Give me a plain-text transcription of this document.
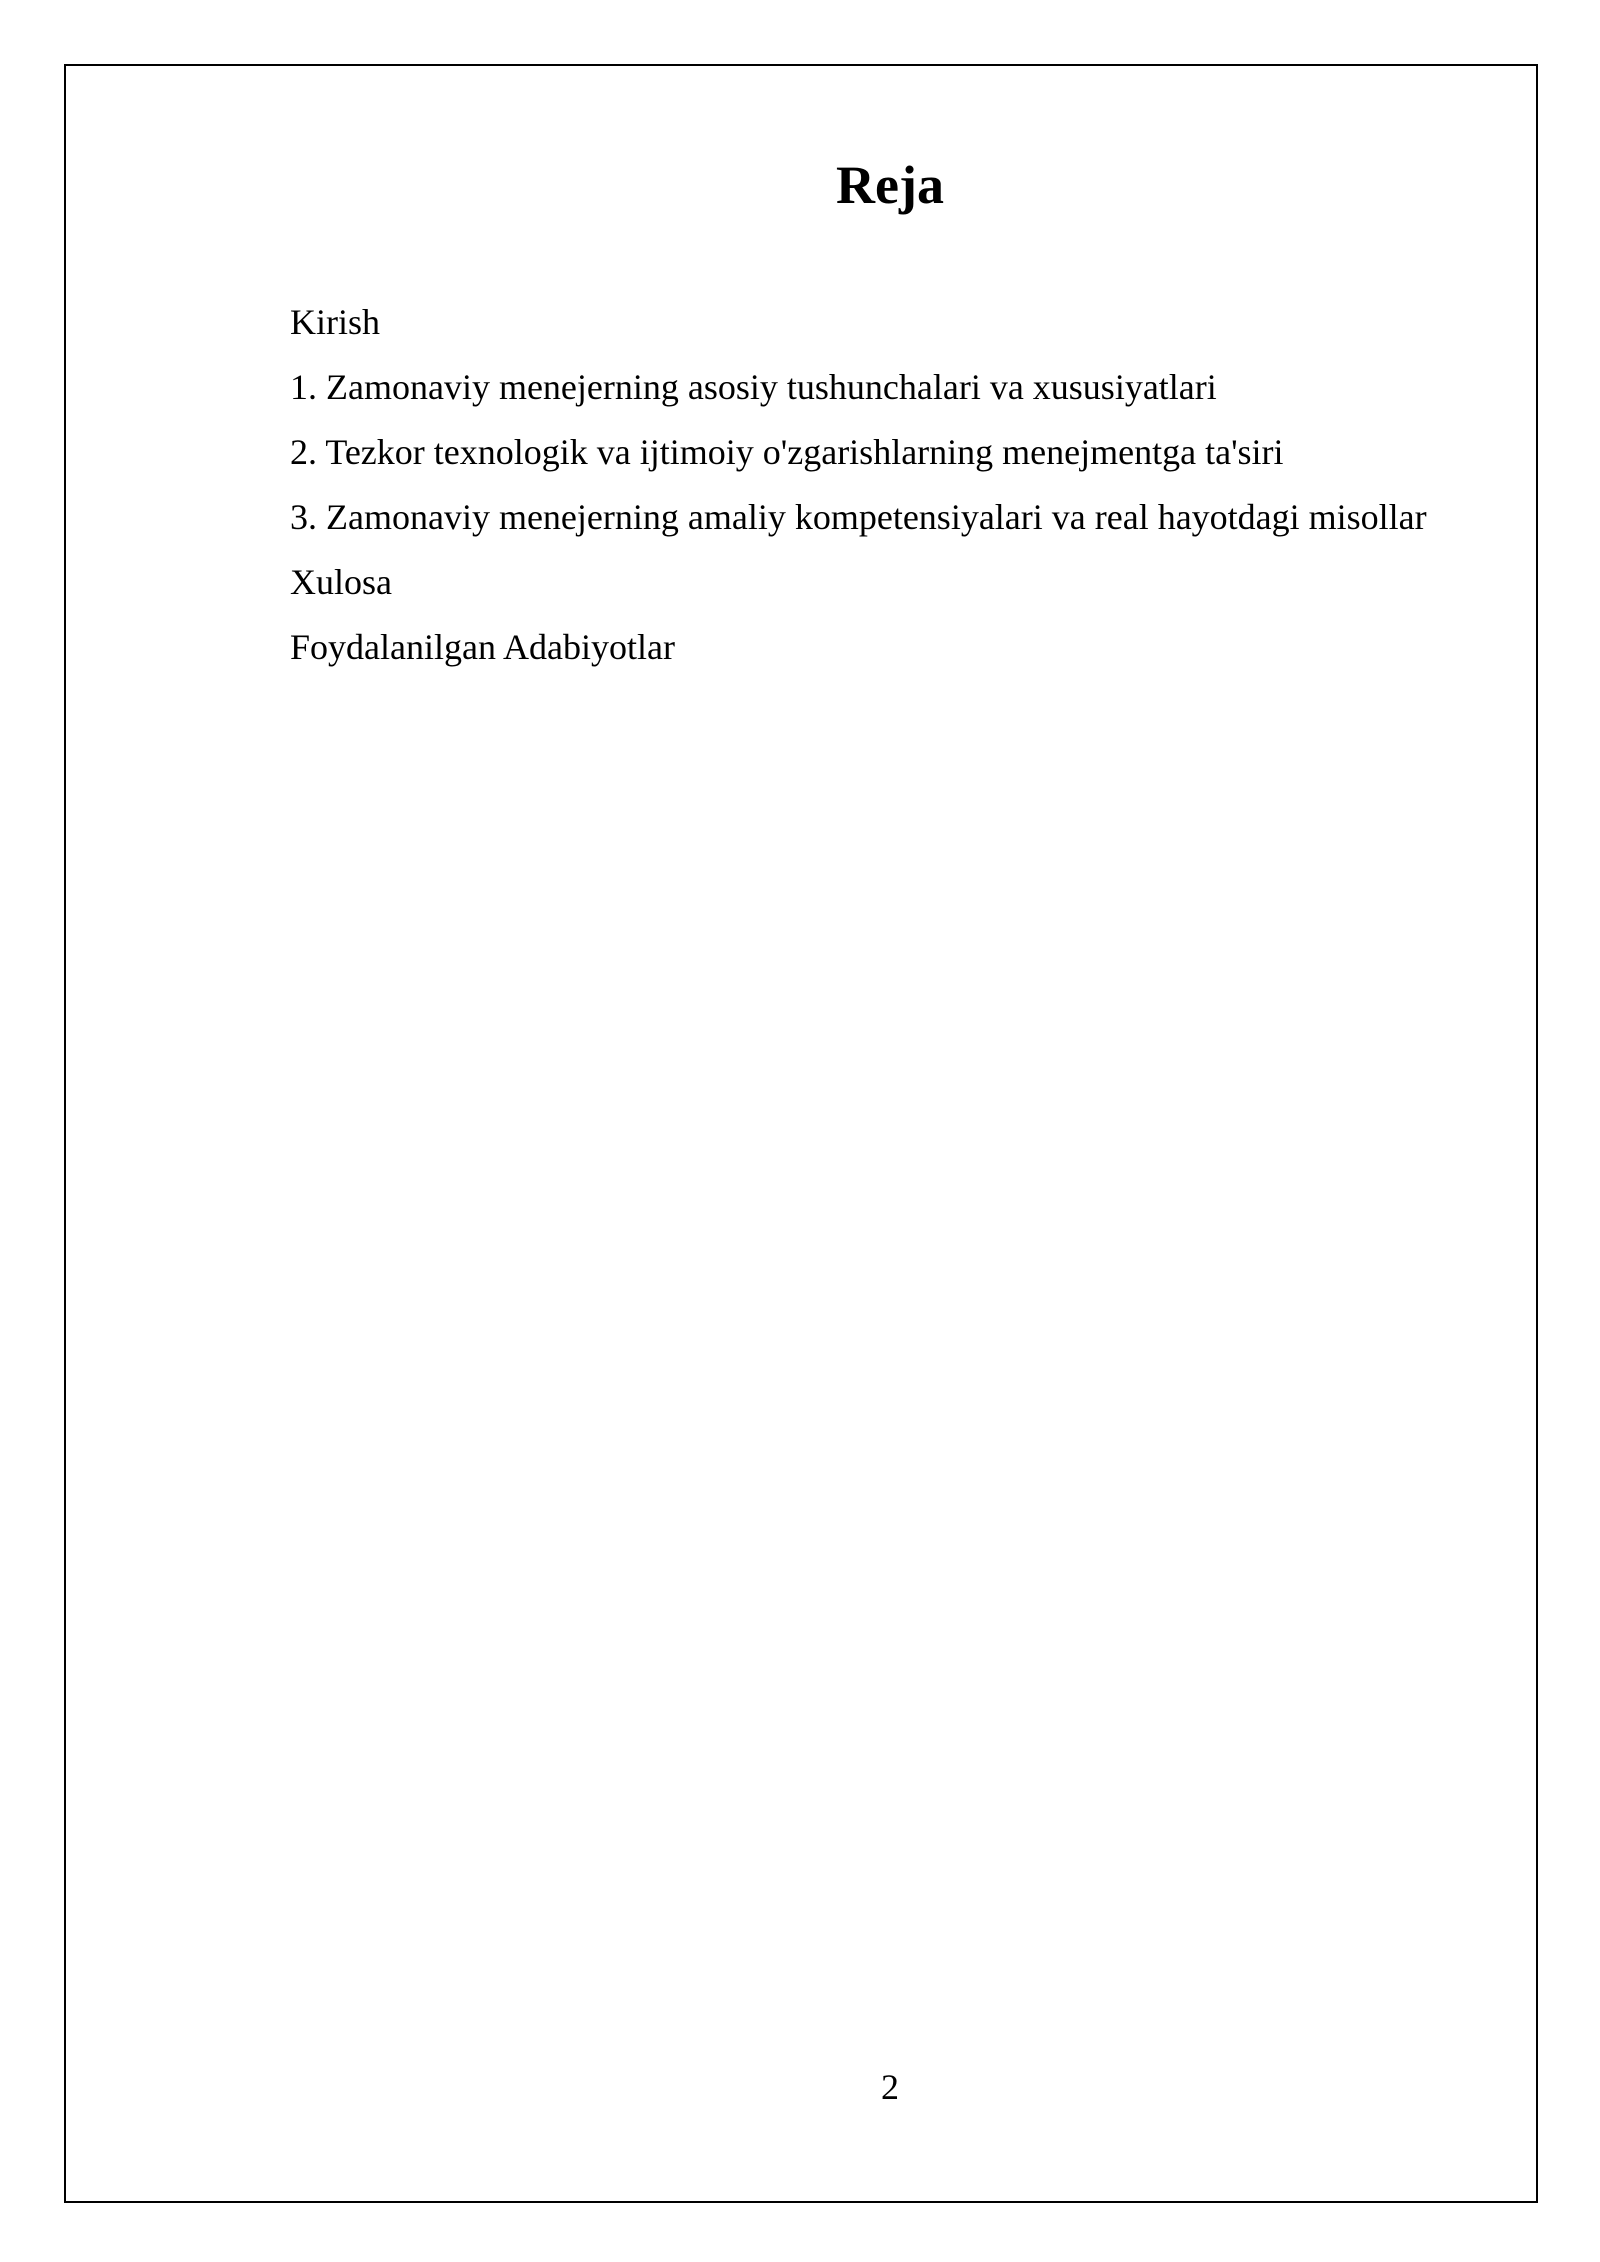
Reja
Kirish
1. Zamonaviy menejerning asosiy tushunchalari va xususiyatlari
2. Tezkor texnologik va ijtimoiy o'zgarishlarning menejmentga ta'siri
3. Zamonaviy menejerning amaliy kompetensiyalari va real hayotdagi misollar
Xulosa
Foydalanilgan Adabiyotlar
2
